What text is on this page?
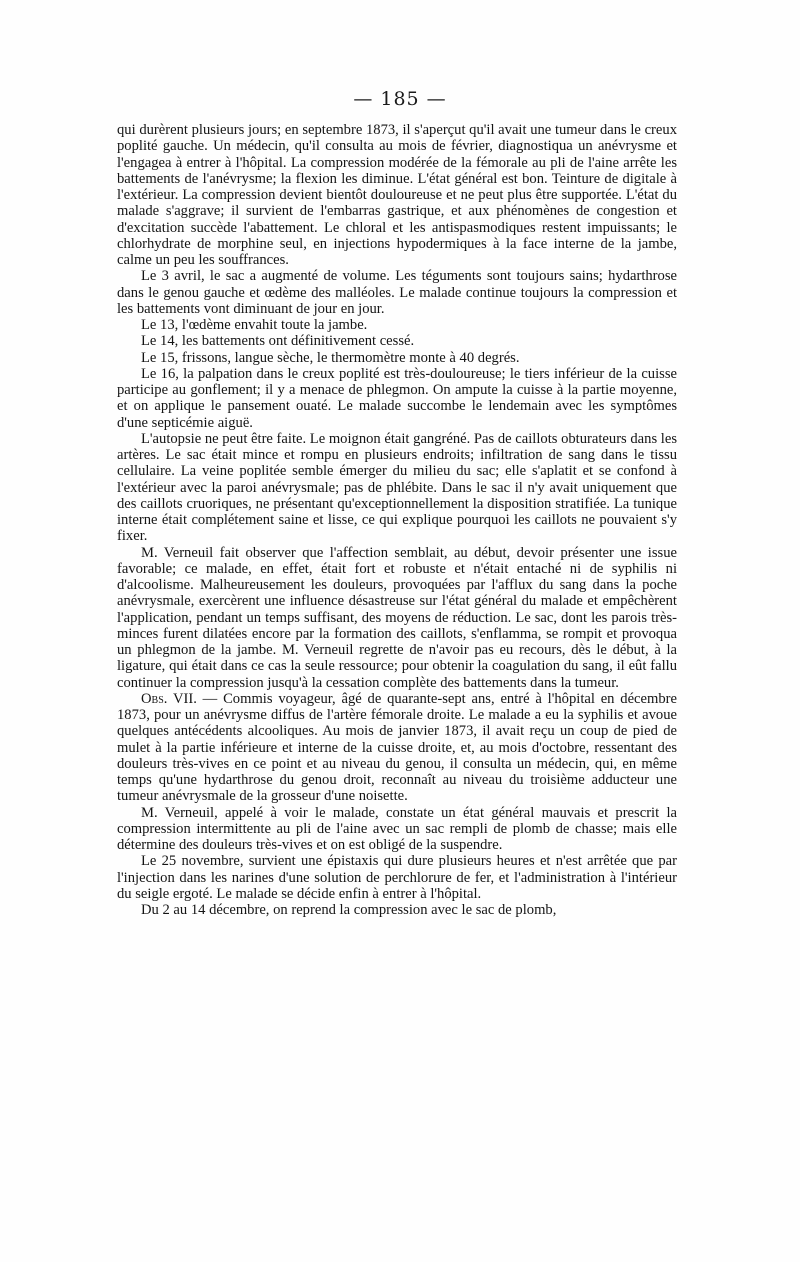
— 185 —

qui durèrent plusieurs jours; en septembre 1873, il s'aperçut qu'il avait une tumeur dans le creux poplité gauche. Un médecin, qu'il consulta au mois de février, diagnostiqua un anévrysme et l'engagea à entrer à l'hôpital. La compression modérée de la fémorale au pli de l'aine arrête les battements de l'anévrysme; la flexion les diminue. L'état général est bon. Teinture de digitale à l'extérieur. La compression devient bientôt douloureuse et ne peut plus être supportée. L'état du malade s'aggrave; il survient de l'embarras gastrique, et aux phénomènes de congestion et d'excitation succède l'abattement. Le chloral et les antispasmodiques restent impuissants; le chlorhydrate de morphine seul, en injections hypodermiques à la face interne de la jambe, calme un peu les souffrances.

Le 3 avril, le sac a augmenté de volume. Les téguments sont toujours sains; hydarthrose dans le genou gauche et œdème des malléoles. Le malade continue toujours la compression et les battements vont diminuant de jour en jour.

Le 13, l'œdème envahit toute la jambe.

Le 14, les battements ont définitivement cessé.

Le 15, frissons, langue sèche, le thermomètre monte à 40 degrés.

Le 16, la palpation dans le creux poplité est très-douloureuse; le tiers inférieur de la cuisse participe au gonflement; il y a menace de phlegmon. On ampute la cuisse à la partie moyenne, et on applique le pansement ouaté. Le malade succombe le lendemain avec les symptômes d'une septicémie aiguë.

L'autopsie ne peut être faite. Le moignon était gangréné. Pas de caillots obturateurs dans les artères. Le sac était mince et rompu en plusieurs endroits; infiltration de sang dans le tissu cellulaire. La veine poplitée semble émerger du milieu du sac; elle s'aplatit et se confond à l'extérieur avec la paroi anévrysmale; pas de phlébite. Dans le sac il n'y avait uniquement que des caillots cruoriques, ne présentant qu'exceptionnellement la disposition stratifiée. La tunique interne était complétement saine et lisse, ce qui explique pourquoi les caillots ne pouvaient s'y fixer.

M. Verneuil fait observer que l'affection semblait, au début, devoir présenter une issue favorable; ce malade, en effet, était fort et robuste et n'était entaché ni de syphilis ni d'alcoolisme. Malheureusement les douleurs, provoquées par l'afflux du sang dans la poche anévrysmale, exercèrent une influence désastreuse sur l'état général du malade et empêchèrent l'application, pendant un temps suffisant, des moyens de réduction. Le sac, dont les parois très-minces furent dilatées encore par la formation des caillots, s'enflamma, se rompit et provoqua un phlegmon de la jambe. M. Verneuil regrette de n'avoir pas eu recours, dès le début, à la ligature, qui était dans ce cas la seule ressource; pour obtenir la coagulation du sang, il eût fallu continuer la compression jusqu'à la cessation complète des battements dans la tumeur.

Obs. VII. — Commis voyageur, âgé de quarante-sept ans, entré à l'hôpital en décembre 1873, pour un anévrysme diffus de l'artère fémorale droite. Le malade a eu la syphilis et avoue quelques antécédents alcooliques. Au mois de janvier 1873, il avait reçu un coup de pied de mulet à la partie inférieure et interne de la cuisse droite, et, au mois d'octobre, ressentant des douleurs très-vives en ce point et au niveau du genou, il consulta un médecin, qui, en même temps qu'une hydarthrose du genou droit, reconnaît au niveau du troisième adducteur une tumeur anévrysmale de la grosseur d'une noisette.

M. Verneuil, appelé à voir le malade, constate un état général mauvais et prescrit la compression intermittente au pli de l'aine avec un sac rempli de plomb de chasse; mais elle détermine des douleurs très-vives et on est obligé de la suspendre.

Le 25 novembre, survient une épistaxis qui dure plusieurs heures et n'est arrêtée que par l'injection dans les narines d'une solution de perchlorure de fer, et l'administration à l'intérieur du seigle ergoté. Le malade se décide enfin à entrer à l'hôpital.

Du 2 au 14 décembre, on reprend la compression avec le sac de plomb,
